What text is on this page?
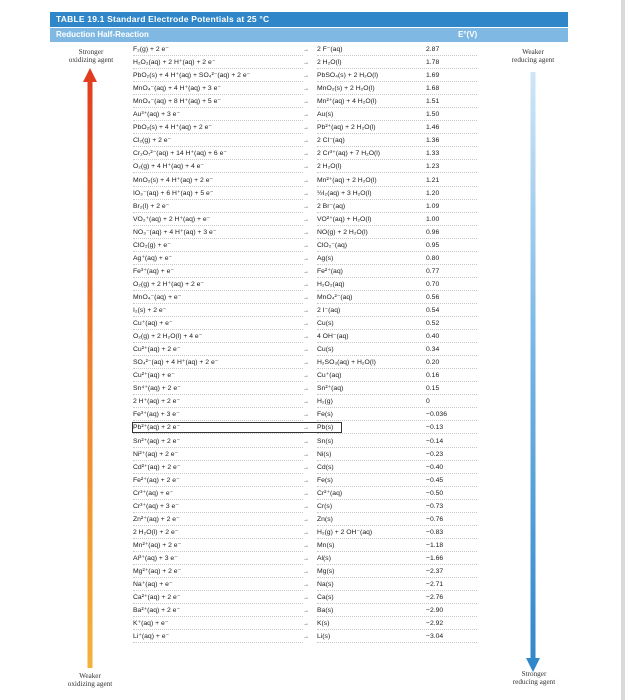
TABLE 19.1 Standard Electrode Potentials at 25 °C
Reduction Half-Reaction	E°(V)
Stronger
oxidizing agent
Weaker
oxidizing agent
Weaker
reducing agent
Stronger
reducing agent
F₂(g) + 2 e⁻	→ 2 F⁻(aq)	2.87
H₂O₂(aq) + 2 H⁺(aq) + 2 e⁻	→ 2 H₂O(l)	1.78
PbO₂(s) + 4 H⁺(aq) + SO₄²⁻(aq) + 2 e⁻	→ PbSO₄(s) + 2 H₂O(l)	1.69
MnO₄⁻(aq) + 4 H⁺(aq) + 3 e⁻	→ MnO₂(s) + 2 H₂O(l)	1.68
MnO₄⁻(aq) + 8 H⁺(aq) + 5 e⁻	→ Mn²⁺(aq) + 4 H₂O(l)	1.51
Au³⁺(aq) + 3 e⁻	→ Au(s)	1.50
PbO₂(s) + 4 H⁺(aq) + 2 e⁻	→ Pb²⁺(aq) + 2 H₂O(l)	1.46
Cl₂(g) + 2 e⁻	→ 2 Cl⁻(aq)	1.36
Cr₂O₇²⁻(aq) + 14 H⁺(aq) + 6 e⁻	→ 2 Cr³⁺(aq) + 7 H₂O(l)	1.33
O₂(g) + 4 H⁺(aq) + 4 e⁻	→ 2 H₂O(l)	1.23
MnO₂(s) + 4 H⁺(aq) + 2 e⁻	→ Mn²⁺(aq) + 2 H₂O(l)	1.21
IO₃⁻(aq) + 6 H⁺(aq) + 5 e⁻	→ ½I₂(aq) + 3 H₂O(l)	1.20
Br₂(l) + 2 e⁻	→ 2 Br⁻(aq)	1.09
VO₂⁺(aq) + 2 H⁺(aq) + e⁻	→ VO²⁺(aq) + H₂O(l)	1.00
NO₃⁻(aq) + 4 H⁺(aq) + 3 e⁻	→ NO(g) + 2 H₂O(l)	0.96
ClO₂(g) + e⁻	→ ClO₂⁻(aq)	0.95
Ag⁺(aq) + e⁻	→ Ag(s)	0.80
Fe³⁺(aq) + e⁻	→ Fe²⁺(aq)	0.77
O₂(g) + 2 H⁺(aq) + 2 e⁻	→ H₂O₂(aq)	0.70
MnO₄⁻(aq) + e⁻	→ MnO₄²⁻(aq)	0.56
I₂(s) + 2 e⁻	→ 2 I⁻(aq)	0.54
Cu⁺(aq) + e⁻	→ Cu(s)	0.52
O₂(g) + 2 H₂O(l) + 4 e⁻	→ 4 OH⁻(aq)	0.40
Cu²⁺(aq) + 2 e⁻	→ Cu(s)	0.34
SO₄²⁻(aq) + 4 H⁺(aq) + 2 e⁻	→ H₂SO₃(aq) + H₂O(l)	0.20
Cu²⁺(aq) + e⁻	→ Cu⁺(aq)	0.16
Sn⁴⁺(aq) + 2 e⁻	→ Sn²⁺(aq)	0.15
2 H⁺(aq) + 2 e⁻	→ H₂(g)	0
Fe³⁺(aq) + 3 e⁻	→ Fe(s)	−0.036
Pb²⁺(aq) + 2 e⁻	→ Pb(s)	−0.13
Sn²⁺(aq) + 2 e⁻	→ Sn(s)	−0.14
Ni²⁺(aq) + 2 e⁻	→ Ni(s)	−0.23
Cd²⁺(aq) + 2 e⁻	→ Cd(s)	−0.40
Fe²⁺(aq) + 2 e⁻	→ Fe(s)	−0.45
Cr³⁺(aq) + e⁻	→ Cr²⁺(aq)	−0.50
Cr³⁺(aq) + 3 e⁻	→ Cr(s)	−0.73
Zn²⁺(aq) + 2 e⁻	→ Zn(s)	−0.76
2 H₂O(l) + 2 e⁻	→ H₂(g) + 2 OH⁻(aq)	−0.83
Mn²⁺(aq) + 2 e⁻	→ Mn(s)	−1.18
Al³⁺(aq) + 3 e⁻	→ Al(s)	−1.66
Mg²⁺(aq) + 2 e⁻	→ Mg(s)	−2.37
Na⁺(aq) + e⁻	→ Na(s)	−2.71
Ca²⁺(aq) + 2 e⁻	→ Ca(s)	−2.76
Ba²⁺(aq) + 2 e⁻	→ Ba(s)	−2.90
K⁺(aq) + e⁻	→ K(s)	−2.92
Li⁺(aq) + e⁻	→ Li(s)	−3.04
